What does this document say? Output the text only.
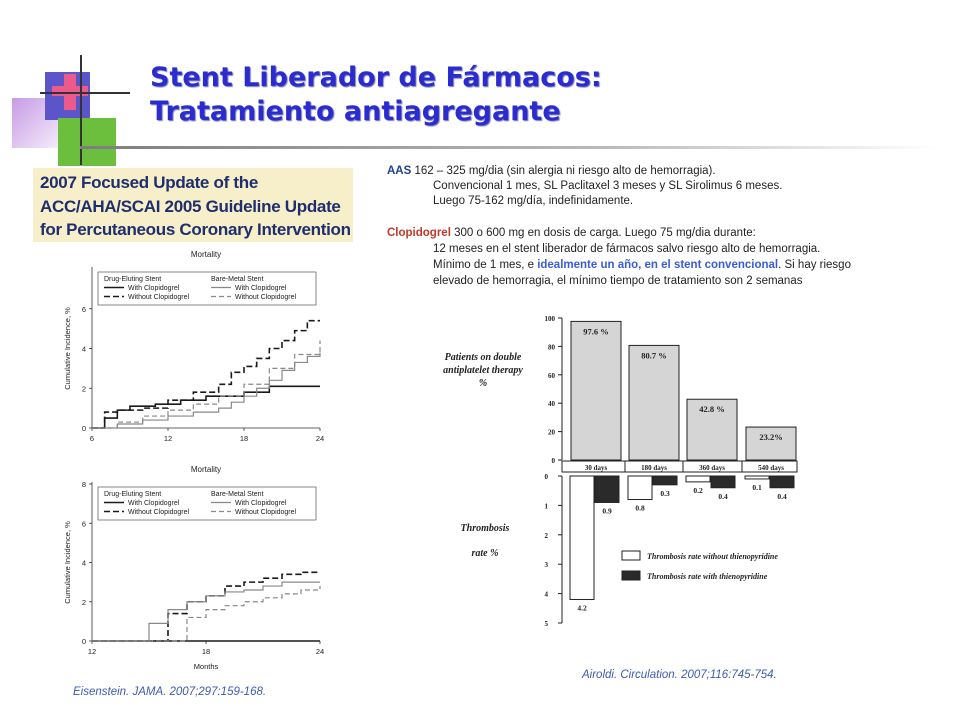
Stent Liberador de Fármacos:
Tratamiento antiagregante
2007 Focused Update of the
ACC/AHA/SCAI 2005 Guideline Update
for Percutaneous Coronary Intervention
AAS 162 – 325 mg/dia (sin alergia ni riesgo alto de hemorragia).
Convencional 1 mes, SL Paclitaxel 3 meses y SL Sirolimus 6 meses.
Luego 75-162 mg/día, indefinidamente.
Clopidogrel 300 o 600 mg en dosis de carga. Luego 75 mg/dia durante:
12 meses en el stent liberador de fármacos salvo riesgo alto de hemorragia.
Mínimo de 1 mes, e idealmente un año, en el stent convencional. Si hay riesgo
elevado de hemorragia, el mínimo tiempo de tratamiento son 2 semanas
Mortality
0
2
4
6
6	12	18	24
Cumulative Incidence, %
Drug-Eluting Stent	Bare-Metal Stent
With Clopidogrel
Without Clopidogrel
With Clopidogrel
Without Clopidogrel
Mortality
0
2
4
6
8
12	18	24
Cumulative Incidence, %
Months
Drug-Eluting Stent	Bare-Metal Stent
With Clopidogrel
Without Clopidogrel
With Clopidogrel
Without Clopidogrel
0
20
40
60
80
100
97.6 %
80.7 %
42.8 %
23.2%
Patients on double
antiplatelet therapy
%
30 days	180 days	360 days	540 days
0
1
2
3
4
5
4.2
0.8
0.2	0.1
0.9
0.3	0.4	0.4
Thrombosis
rate %	Thrombosis rate without thienopyridine
Thrombosis rate with thienopyridine
Eisenstein. JAMA. 2007;297:159-168.
Airoldi. Circulation. 2007;116:745-754.
